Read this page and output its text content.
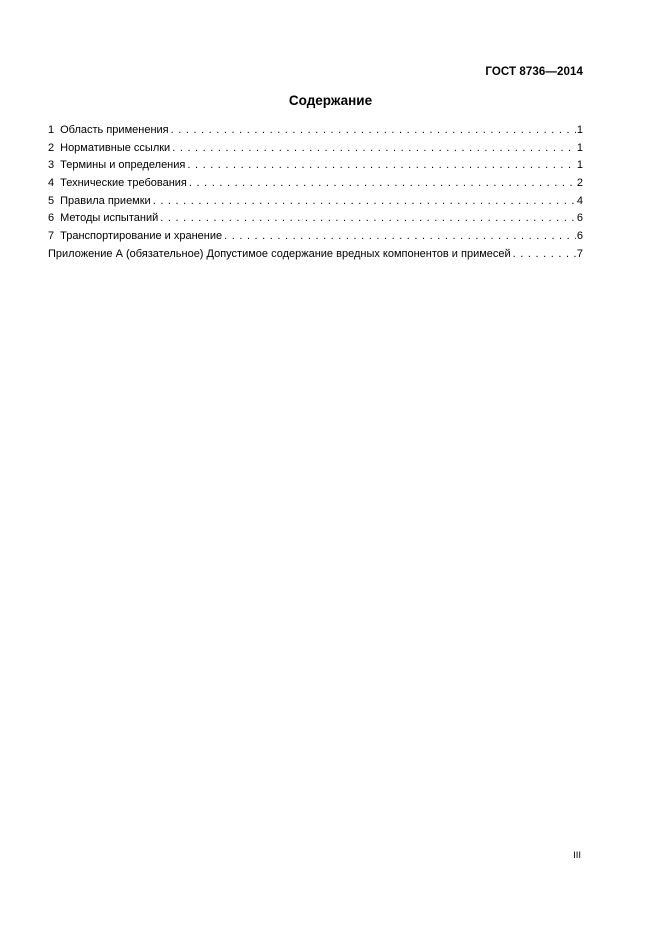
ГОСТ 8736—2014
Содержание
1 Область применения . . .	1
2 Нормативные ссылки . . .	1
3 Термины и определения . . .	1
4 Технические требования . . .	2
5 Правила приемки . . .	4
6 Методы испытаний . . .	6
7 Транспортирование и хранение . . .	6
Приложение А (обязательное) Допустимое содержание вредных компонентов и примесей . . .	7
III
